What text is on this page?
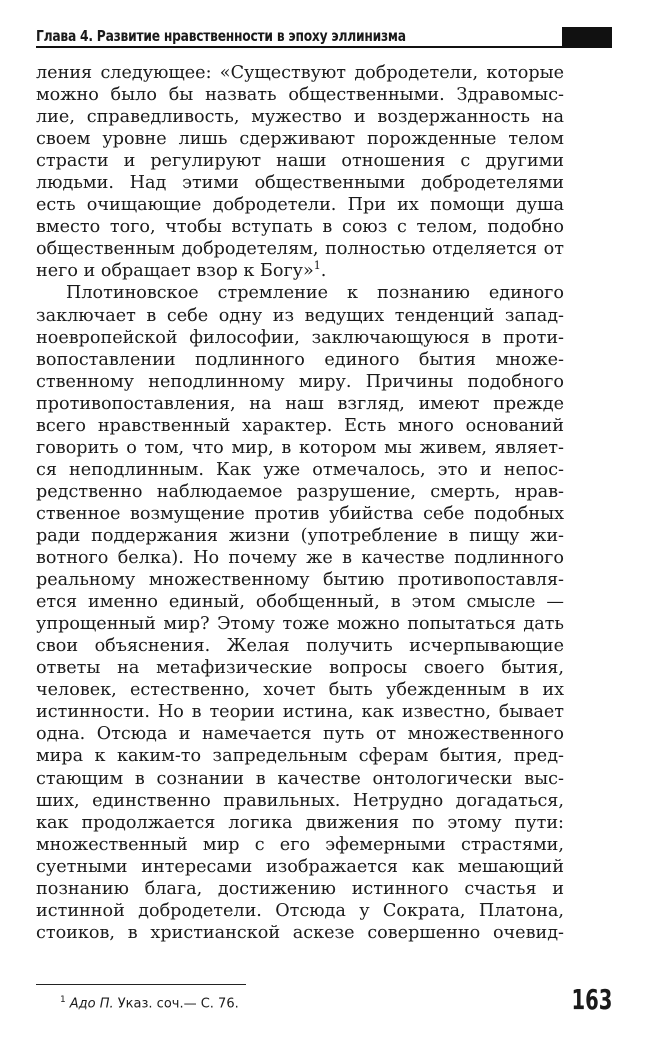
Глава 4. Развитие нравственности в эпоху эллинизма
ления следующее: «Существуют добродетели, которые
можно было бы назвать общественными. Здравомыс-
лие, справедливость, мужество и воздержанность на
своем уровне лишь сдерживают порожденные телом
страсти и регулируют наши отношения с другими
людьми. Над этими общественными добродетелями
есть очищающие добродетели. При их помощи душа
вместо того, чтобы вступать в союз с телом, подобно
общественным добродетелям, полностью отделяется от
него и обращает взор к Богу»$^1$.
Плотиновское стремление к познанию единого
заключает в себе одну из ведущих тенденций запад-
ноевропейской философии, заключающуюся в проти-
вопоставлении подлинного единого бытия множе-
ственному неподлинному миру. Причины подобного
противопоставления, на наш взгляд, имеют прежде
всего нравственный характер. Есть много оснований
говорить о том, что мир, в котором мы живем, являет-
ся неподлинным. Как уже отмечалось, это и непос-
редственно наблюдаемое разрушение, смерть, нрав-
ственное возмущение против убийства себе подобных
ради поддержания жизни (употребление в пищу жи-
вотного белка). Но почему же в качестве подлинного
реальному множественному бытию противопоставля-
ется именно единый, обобщенный, в этом смысле —
упрощенный мир? Этому тоже можно попытаться дать
свои объяснения. Желая получить исчерпывающие
ответы на метафизические вопросы своего бытия,
человек, естественно, хочет быть убежденным в их
истинности. Но в теории истина, как известно, бывает
одна. Отсюда и намечается путь от множественного
мира к каким-то запредельным сферам бытия, пред-
стающим в сознании в качестве онтологически выс-
ших, единственно правильных. Нетрудно догадаться,
как продолжается логика движения по этому пути:
множественный мир с его эфемерными страстями,
суетными интересами изображается как мешающий
познанию блага, достижению истинного счастья и
истинной добродетели. Отсюда у Сократа, Платона,
стоиков, в христианской аскезе совершенно очевид-
$^1$ Адо П. Указ. соч.— С. 76.	163
